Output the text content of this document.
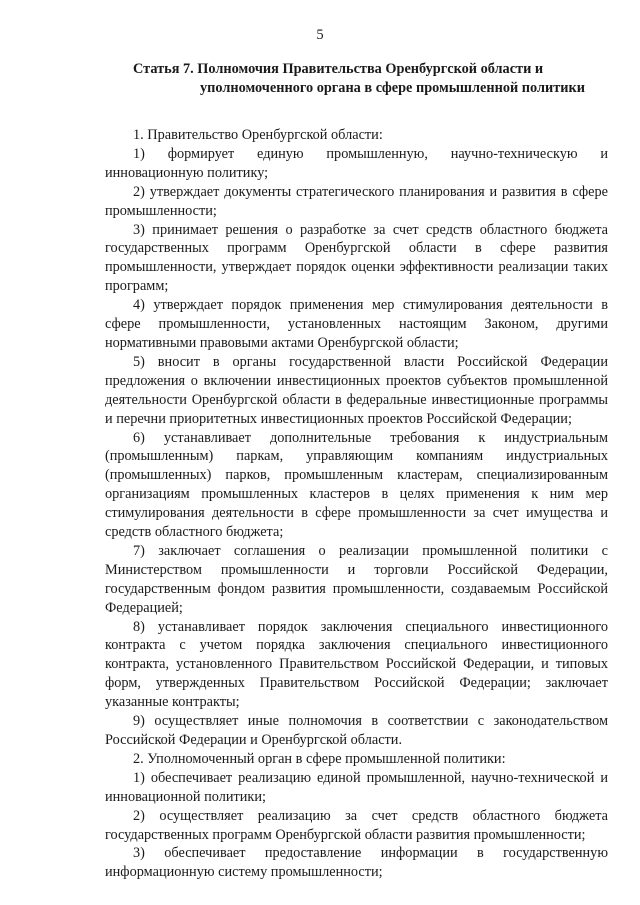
5
Статья 7. Полномочия Правительства Оренбургской области и
уполномоченного органа в сфере промышленной политики

1. Правительство Оренбургской области:

1) формирует единую промышленную, научно-техническую и инновационную политику;

2) утверждает документы стратегического планирования и развития в сфере промышленности;

3) принимает решения о разработке за счет средств областного бюджета государственных программ Оренбургской области в сфере развития промышленности, утверждает порядок оценки эффективности реализации таких программ;

4) утверждает порядок применения мер стимулирования деятельности в сфере промышленности, установленных настоящим Законом, другими нормативными правовыми актами Оренбургской области;

5) вносит в органы государственной власти Российской Федерации предложения о включении инвестиционных проектов субъектов промышленной деятельности Оренбургской области в федеральные инвестиционные программы и перечни приоритетных инвестиционных проектов Российской Федерации;

6) устанавливает дополнительные требования к индустриальным (промышленным) паркам, управляющим компаниям индустриальных (промышленных) парков, промышленным кластерам, специализированным организациям промышленных кластеров в целях применения к ним мер стимулирования деятельности в сфере промышленности за счет имущества и средств областного бюджета;

7) заключает соглашения о реализации промышленной политики с Министерством промышленности и торговли Российской Федерации, государственным фондом развития промышленности, создаваемым Российской Федерацией;

8) устанавливает порядок заключения специального инвестиционного контракта с учетом порядка заключения специального инвестиционного контракта, установленного Правительством Российской Федерации, и типовых форм, утвержденных Правительством Российской Федерации; заключает указанные контракты;

9) осуществляет иные полномочия в соответствии с законодательством Российской Федерации и Оренбургской области.

2. Уполномоченный орган в сфере промышленной политики:

1) обеспечивает реализацию единой промышленной, научно-технической и инновационной политики;

2) осуществляет реализацию за счет средств областного бюджета государственных программ Оренбургской области развития промышленности;

3) обеспечивает предоставление информации в государственную информационную систему промышленности;
